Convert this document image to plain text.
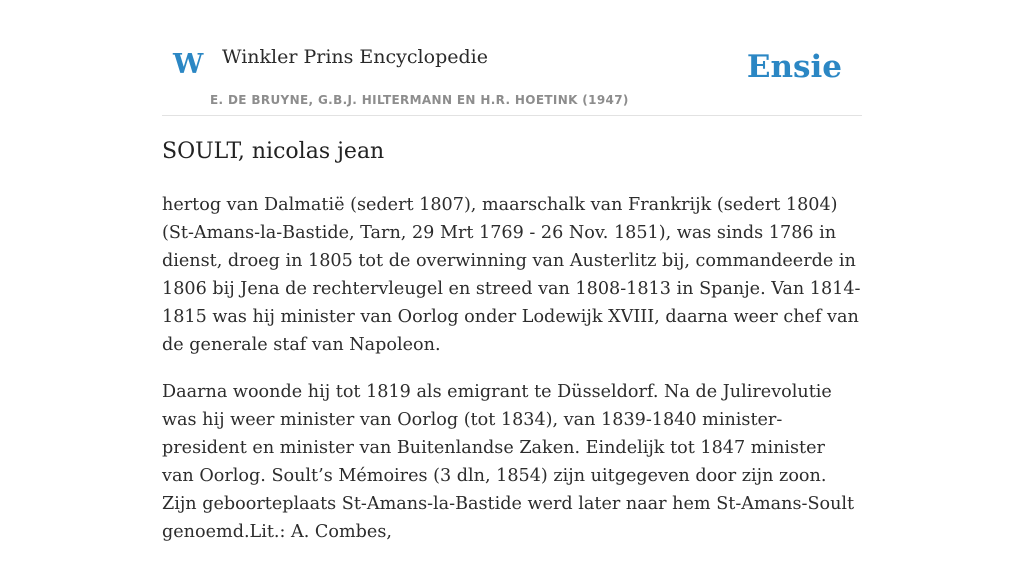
W Winkler Prins Encyclopedie
E. DE BRUYNE, G.B.J. HILTERMANN EN H.R. HOETINK (1947)
Ensie
SOULT, nicolas jean

hertog van Dalmatië (sedert 1807), maarschalk van Frankrijk (sedert 1804) (St-Amans-la-Bastide, Tarn, 29 Mrt 1769 - 26 Nov. 1851), was sinds 1786 in dienst, droeg in 1805 tot de overwinning van Austerlitz bij, commandeerde in 1806 bij Jena de rechtervleugel en streed van 1808-1813 in Spanje. Van 1814-1815 was hij minister van Oorlog onder Lodewijk XVIII, daarna weer chef van de generale staf van Napoleon.

Daarna woonde hij tot 1819 als emigrant te Düsseldorf. Na de Julirevolutie was hij weer minister van Oorlog (tot 1834), van 1839-1840 minister-president en minister van Buitenlandse Zaken. Eindelijk tot 1847 minister van Oorlog. Soult’s Mémoires (3 dln, 1854) zijn uitgegeven door zijn zoon. Zijn geboorteplaats St-Amans-la-Bastide werd later naar hem St-Amans-Soult genoemd.Lit.: A. Combes,
